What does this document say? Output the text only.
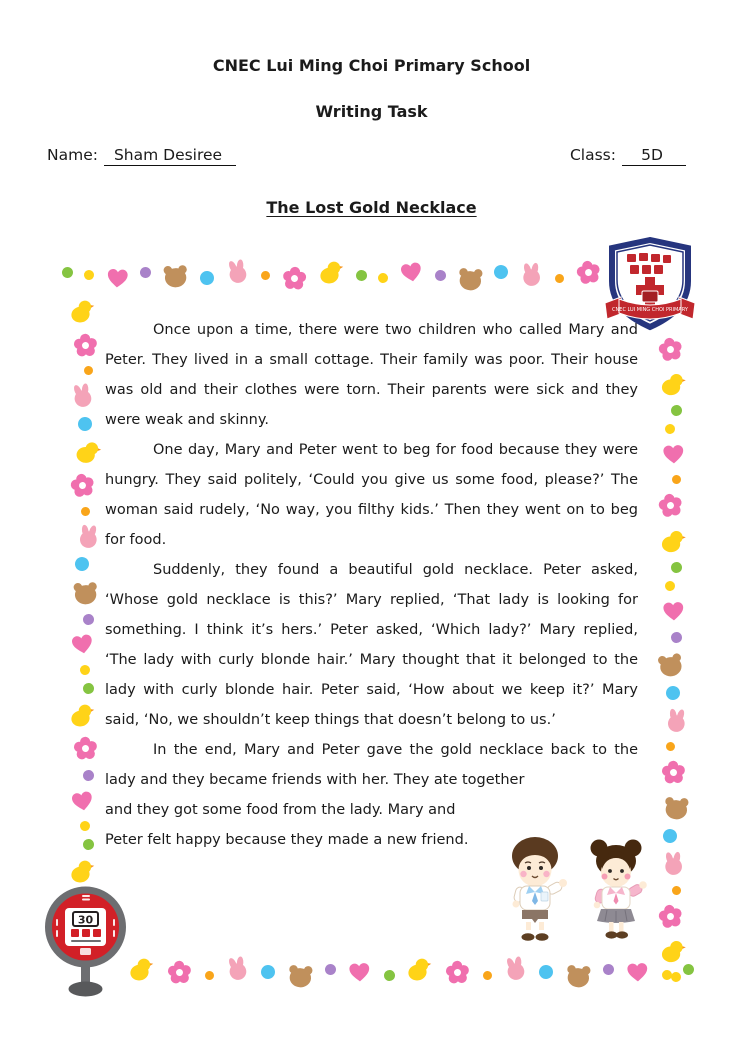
CNEC Lui Ming Choi Primary School
Writing Task
Name:	Sham Desiree	Class:	5D
The Lost Gold Necklace
CNEC LUI MING CHOI PRIMARY

Once upon a time, there were two children who called Mary and Peter. They lived in a small cottage. Their family was poor. Their house was old and their clothes were torn. Their parents were sick and they were weak and skinny.

One day, Mary and Peter went to beg for food because they were hungry. They said politely, ‘Could you give us some food, please?’ The woman said rudely, ‘No way, you filthy kids.’ Then they went on to beg for food.

Suddenly, they found a beautiful gold necklace. Peter asked, ‘Whose gold necklace is this?’ Mary replied, ‘That lady is looking for something. I think it’s hers.’ Peter asked, ‘Which lady?’ Mary replied, ‘The lady with curly blonde hair.’ Mary thought that it belonged to the lady with curly blonde hair. Peter said, ‘How about we keep it?’ Mary said, ‘No, we shouldn’t keep things that doesn’t belong to us.’

In the end, Mary and Peter gave the gold necklace back to the lady and they became friends with her. They ate together

and they got some food from the lady. Mary and Peter felt happy because they made a new friend.

30
